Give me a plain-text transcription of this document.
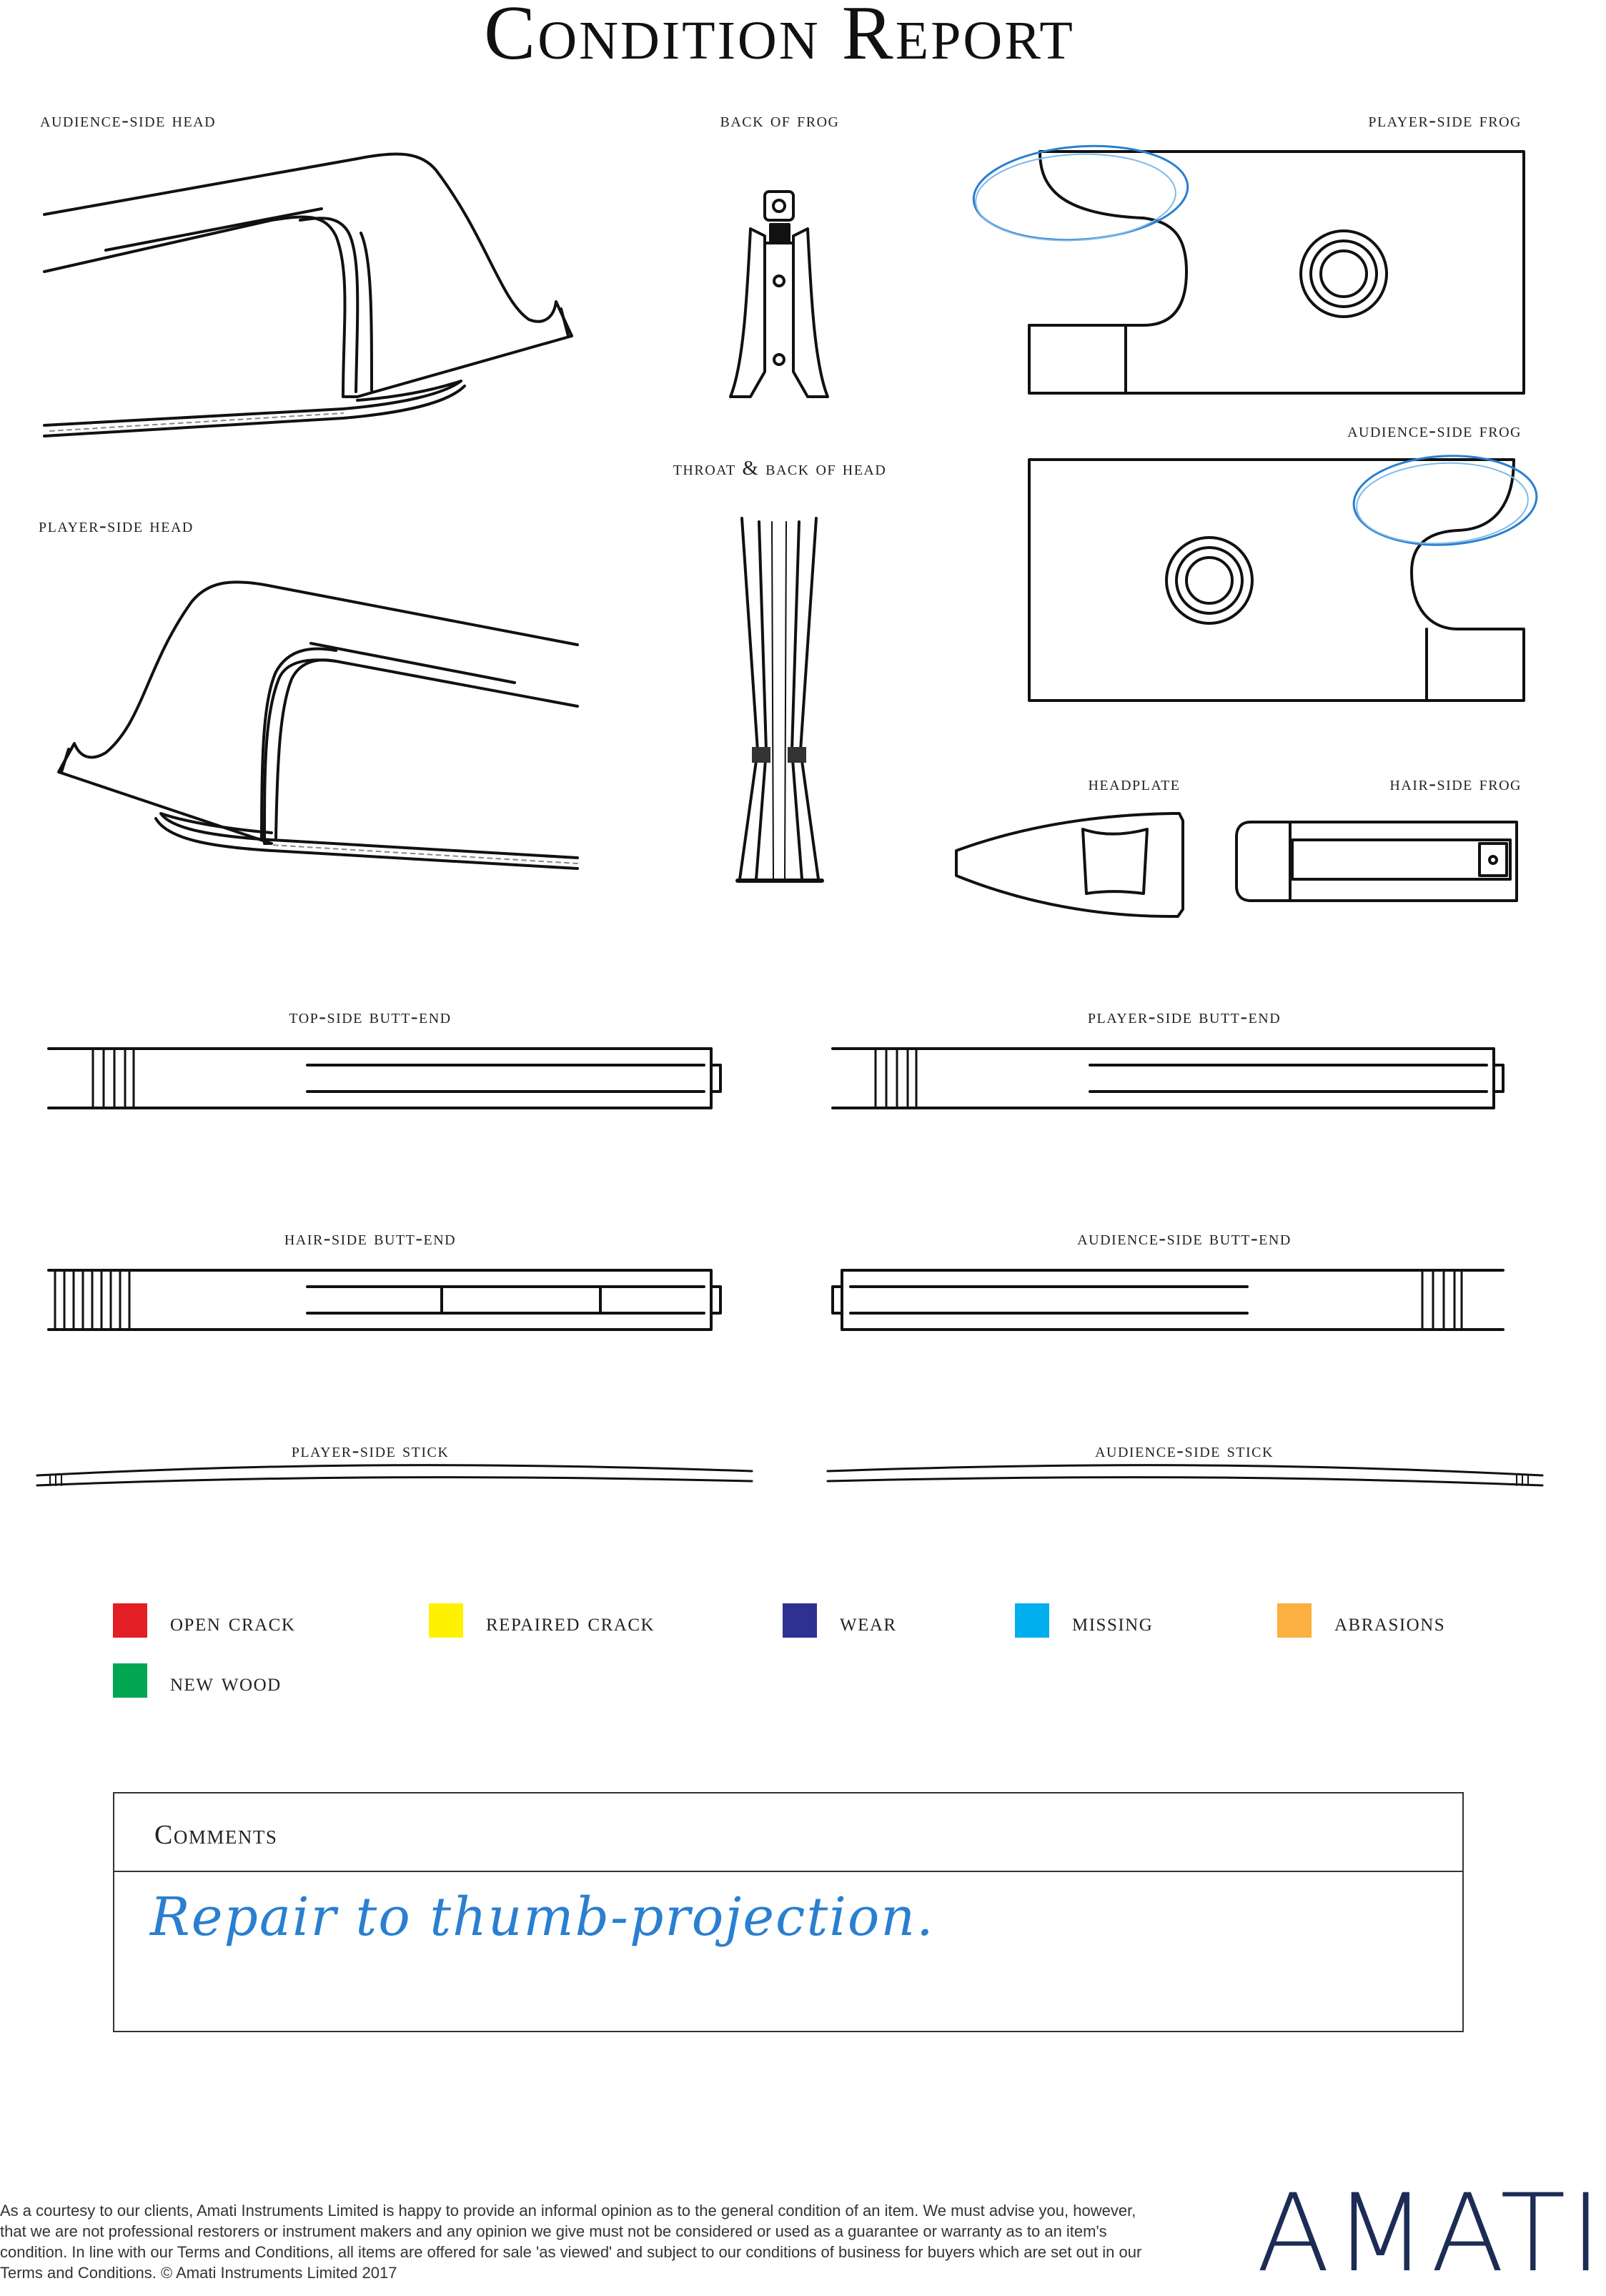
Condition Report
audience-side head	back of frog	player-side frog
audience-side frog
throat & back of head
player-side head
headplate	hair-side frog
top-side butt-end	player-side butt-end
hair-side butt-end	audience-side butt-end
player-side stick	audience-side stick
open crack	repaired crack	wear	missing	abrasions
new wood
Comments
Repair to thumb-projection.
As a courtesy to our clients, Amati Instruments Limited is happy to provide an informal opinion as to the general condition of an item. We must advise you, however, that we are not professional restorers or instrument makers and any opinion we give must not be considered or used as a guarantee or warranty as to an item's condition. In line with our Terms and Conditions, all items are offered for sale 'as viewed' and subject to our conditions of business for buyers which are set out in our Terms and Conditions. © Amati Instruments Limited 2017	AMATI
